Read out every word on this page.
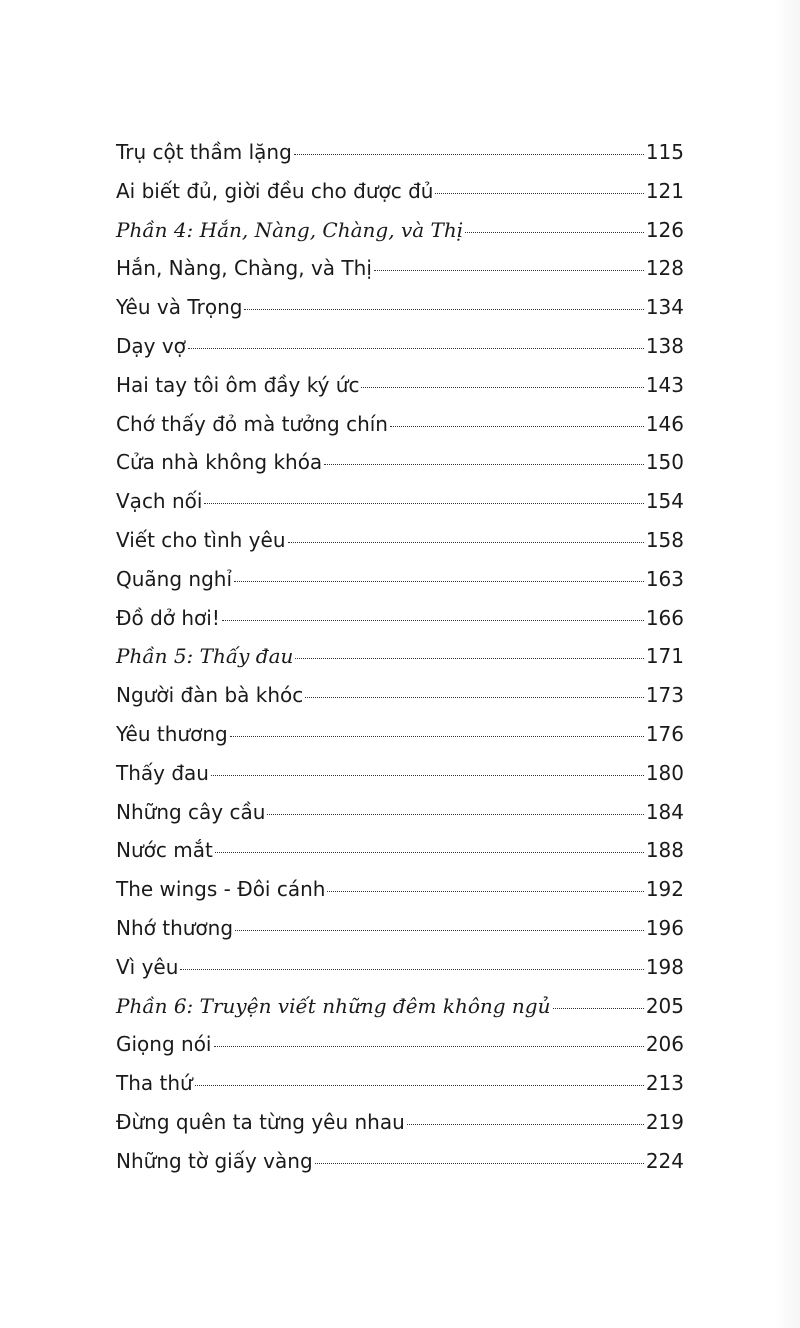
Trụ cột thầm lặng	115
Ai biết đủ, giời đều cho được đủ	121
Phần 4: Hắn, Nàng, Chàng, và Thị	126
Hắn, Nàng, Chàng, và Thị	128
Yêu và Trọng	134
Dạy vợ	138
Hai tay tôi ôm đầy ký ức	143
Chớ thấy đỏ mà tưởng chín	146
Cửa nhà không khóa	150
Vạch nối	154
Viết cho tình yêu	158
Quãng nghỉ	163
Đồ dở hơi!	166
Phần 5: Thấy đau	171
Người đàn bà khóc	173
Yêu thương	176
Thấy đau	180
Những cây cầu	184
Nước mắt	188
The wings - Đôi cánh	192
Nhớ thương	196
Vì yêu	198
Phần 6: Truyện viết những đêm không ngủ	205
Giọng nói	206
Tha thứ	213
Đừng quên ta từng yêu nhau	219
Những tờ giấy vàng	224
